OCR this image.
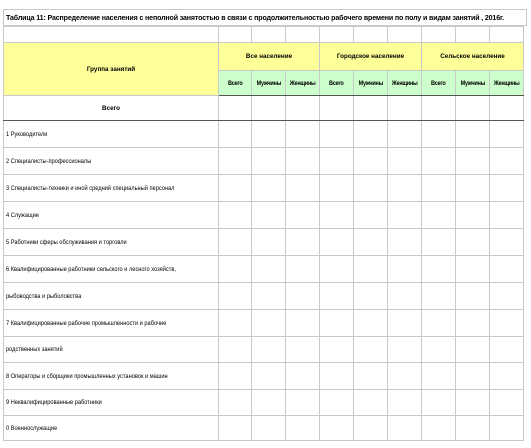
Таблица 11: Распределение населения с неполной занятостью в связи с продолжительностью рабочего времени по полу и видам занятий , 2016г.

Группа занятий	Все население			Городское население			Сельское население		
	Всего	Мужчины	Женщины	Всего	Мужчины	Женщины	Всего	Мужчины	Женщины
Всего									
1 Руководители									
2 Специалисты-профессионалы									
3 Специалисты-техники и иной средний специальный персонал									
4 Служащие									
5 Работники сферы обслуживания и торговли									
6 Квалифицированные работники сельского и лесного хозяйств,									
рыбоводства и рыболовства									
7 Квалифицированные рабочие промышленности и рабочие									
родственных занятий									
8 Операторы и сборщики промышленных установок и машин									
9 Неквалифицированные работники									
0 Военнослужащие									
